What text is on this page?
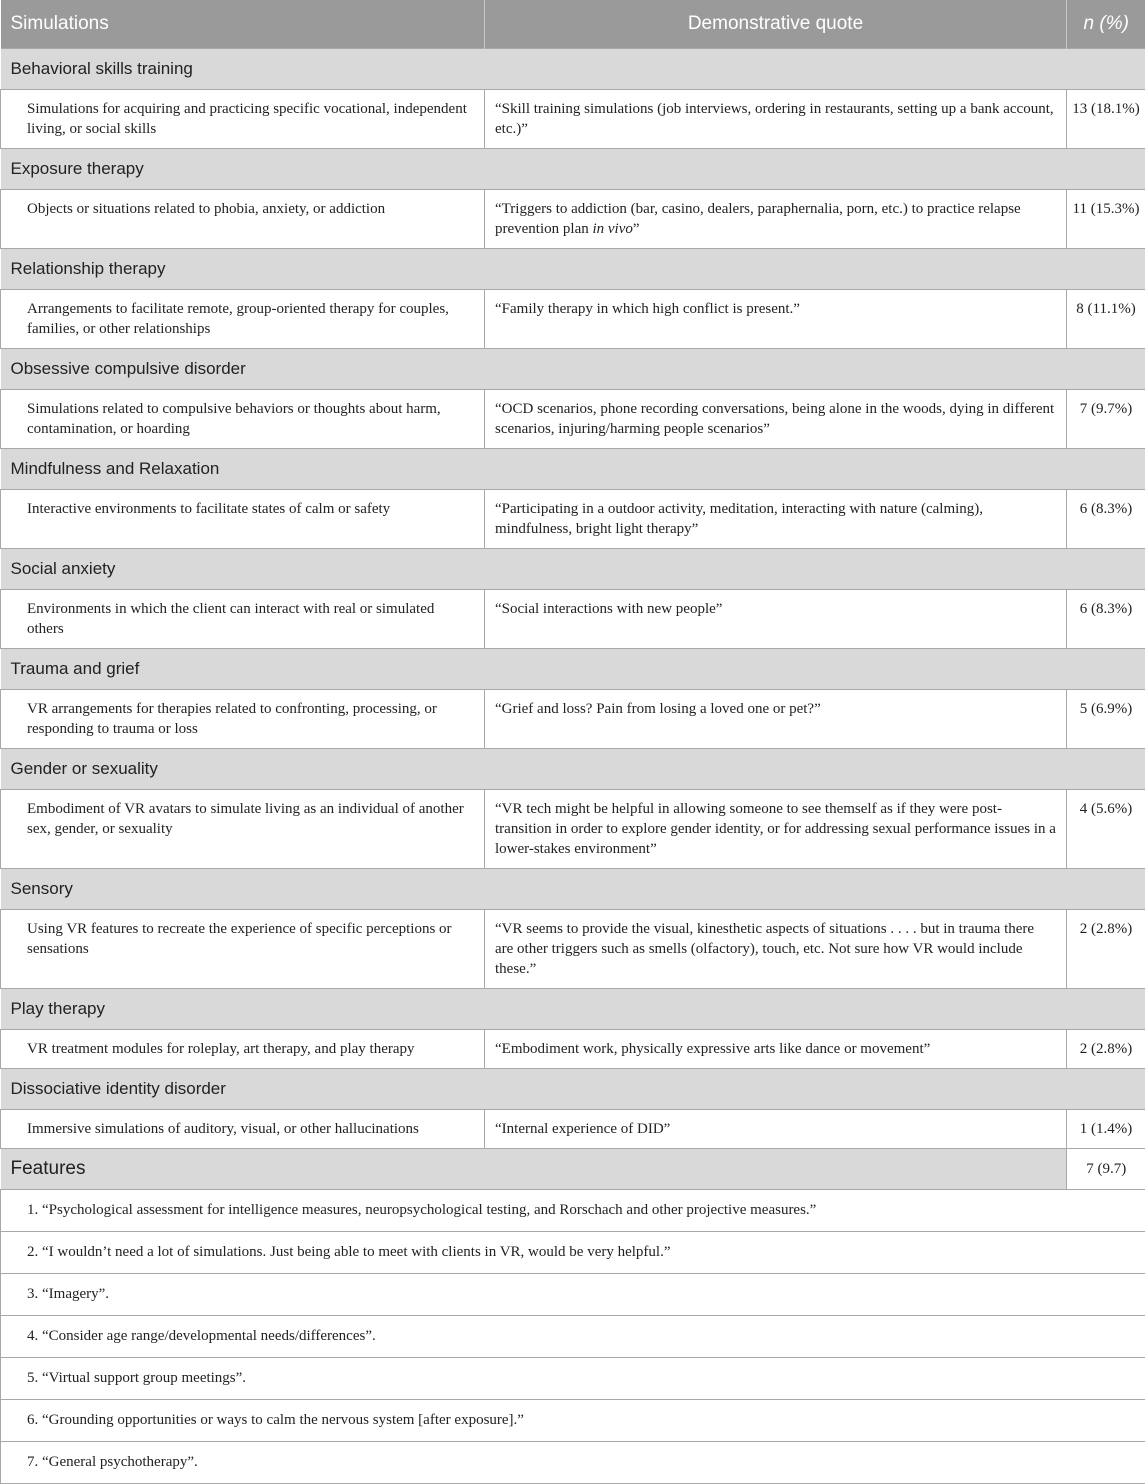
Simulations	Demonstrative quote	n (%)
Behavioral skills training		
Simulations for acquiring and practicing specific vocational, independent living, or social skills	“Skill training simulations (job interviews, ordering in restaurants, setting up a bank account, etc.)”	13 (18.1%)
Exposure therapy		
Objects or situations related to phobia, anxiety, or addiction	“Triggers to addiction (bar, casino, dealers, paraphernalia, porn, etc.) to practice relapse prevention plan in vivo”	11 (15.3%)
Relationship therapy		
Arrangements to facilitate remote, group-oriented therapy for couples, families, or other relationships	“Family therapy in which high conflict is present.”	8 (11.1%)
Obsessive compulsive disorder		
Simulations related to compulsive behaviors or thoughts about harm, contamination, or hoarding	“OCD scenarios, phone recording conversations, being alone in the woods, dying in different scenarios, injuring/harming people scenarios”	7 (9.7%)
Mindfulness and Relaxation		
Interactive environments to facilitate states of calm or safety	“Participating in a outdoor activity, meditation, interacting with nature (calming), mindfulness, bright light therapy”	6 (8.3%)
Social anxiety		
Environments in which the client can interact with real or simulated others	“Social interactions with new people”	6 (8.3%)
Trauma and grief		
VR arrangements for therapies related to confronting, processing, or responding to trauma or loss	“Grief and loss? Pain from losing a loved one or pet?”	5 (6.9%)
Gender or sexuality		
Embodiment of VR avatars to simulate living as an individual of another sex, gender, or sexuality	“VR tech might be helpful in allowing someone to see themself as if they were post-transition in order to explore gender identity, or for addressing sexual performance issues in a lower-stakes environment”	4 (5.6%)
Sensory		
Using VR features to recreate the experience of specific perceptions or sensations	“VR seems to provide the visual, kinesthetic aspects of situations . . . . but in trauma there are other triggers such as smells (olfactory), touch, etc. Not sure how VR would include these.”	2 (2.8%)
Play therapy		
VR treatment modules for roleplay, art therapy, and play therapy	“Embodiment work, physically expressive arts like dance or movement”	2 (2.8%)
Dissociative identity disorder		
Immersive simulations of auditory, visual, or other hallucinations	“Internal experience of DID”	1 (1.4%)
Features		7 (9.7)
1. “Psychological assessment for intelligence measures, neuropsychological testing, and Rorschach and other projective measures.”		
2. “I wouldn’t need a lot of simulations. Just being able to meet with clients in VR, would be very helpful.”		
3. “Imagery”.		
4. “Consider age range/developmental needs/differences”.		
5. “Virtual support group meetings”.		
6. “Grounding opportunities or ways to calm the nervous system [after exposure].”		
7. “General psychotherapy”.		
